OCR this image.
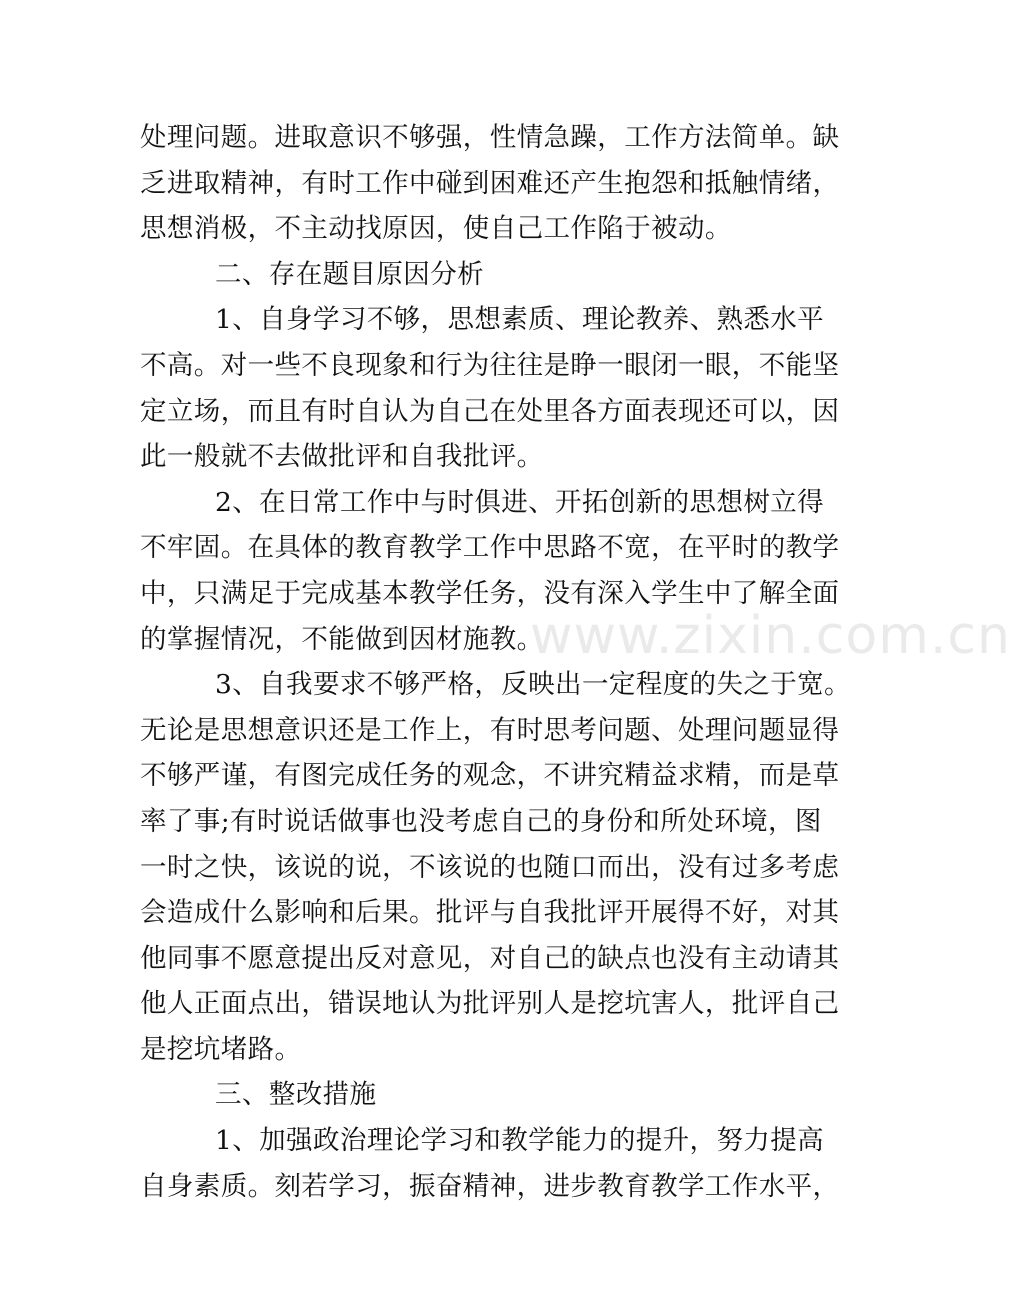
处理问题。进取意识不够强，性情急躁，工作方法简单。缺
乏进取精神，有时工作中碰到困难还产生抱怨和抵触情绪，
思想消极，不主动找原因，使自己工作陷于被动。
二、存在题目原因分析
1、自身学习不够，思想素质、理论教养、熟悉水平
不高。对一些不良现象和行为往往是睁一眼闭一眼，不能坚
定立场，而且有时自认为自己在处里各方面表现还可以，因
此一般就不去做批评和自我批评。
2、在日常工作中与时俱进、开拓创新的思想树立得
不牢固。在具体的教育教学工作中思路不宽，在平时的教学
中，只满足于完成基本教学任务，没有深入学生中了解全面
的掌握情况，不能做到因材施教。
3、自我要求不够严格，反映出一定程度的失之于宽。
无论是思想意识还是工作上，有时思考问题、处理问题显得
不够严谨，有图完成任务的观念，不讲究精益求精，而是草
率了事;有时说话做事也没考虑自己的身份和所处环境，图
一时之快，该说的说，不该说的也随口而出，没有过多考虑
会造成什么影响和后果。批评与自我批评开展得不好，对其
他同事不愿意提出反对意见，对自己的缺点也没有主动请其
他人正面点出，错误地认为批评别人是挖坑害人，批评自己
是挖坑堵路。
三、整改措施
1、加强政治理论学习和教学能力的提升，努力提高
自身素质。刻若学习，振奋精神，进步教育教学工作水平，
www.zixin.com.cn
